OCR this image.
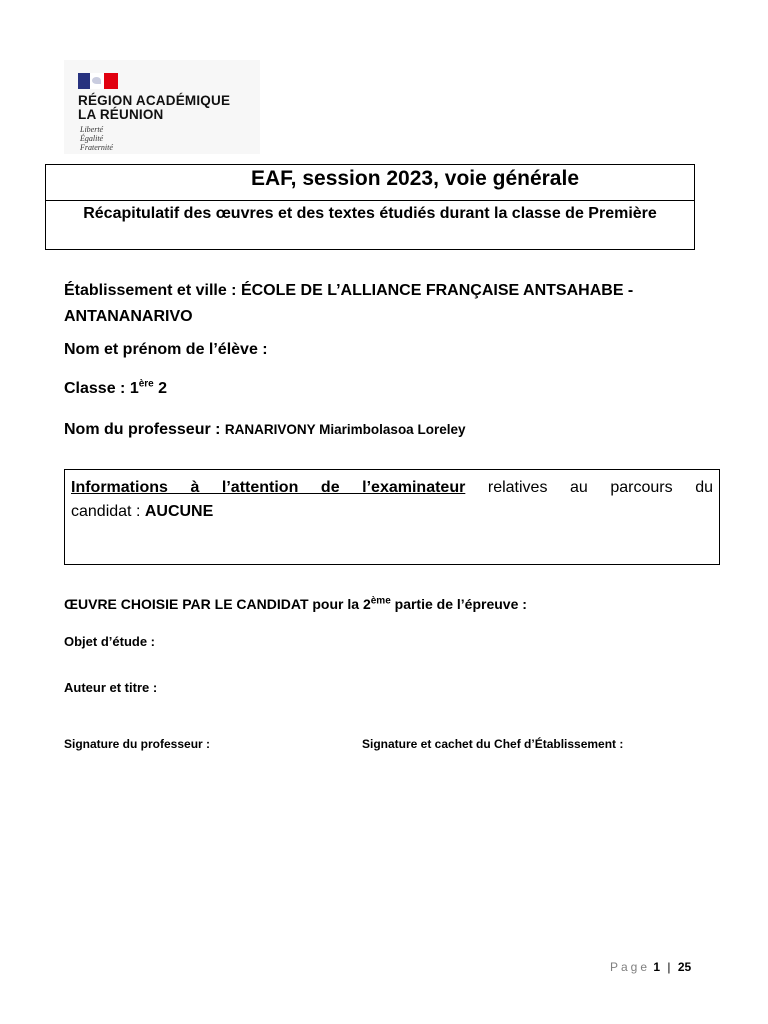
RÉGION ACADÉMIQUE
LA RÉUNION
Liberté
Égalité
Fraternité
EAF, session 2023, voie générale
Récapitulatif des œuvres et des textes étudiés durant la classe de Première
Établissement et ville : ÉCOLE DE L’ALLIANCE FRANÇAISE ANTSAHABE - ANTANANARIVO
Nom et prénom de l’élève :
Classe : 1ère 2
Nom du professeur : RANARIVONY Miarimbolasoa Loreley
Informations à l’attention de l’examinateur relatives au parcours du
candidat : AUCUNE
ŒUVRE CHOISIE PAR LE CANDIDAT pour la 2ème partie de l’épreuve :
Objet d’étude :
Auteur et titre :
Signature du professeur :	Signature et cachet du Chef d’Établissement :
Page 1 | 25
